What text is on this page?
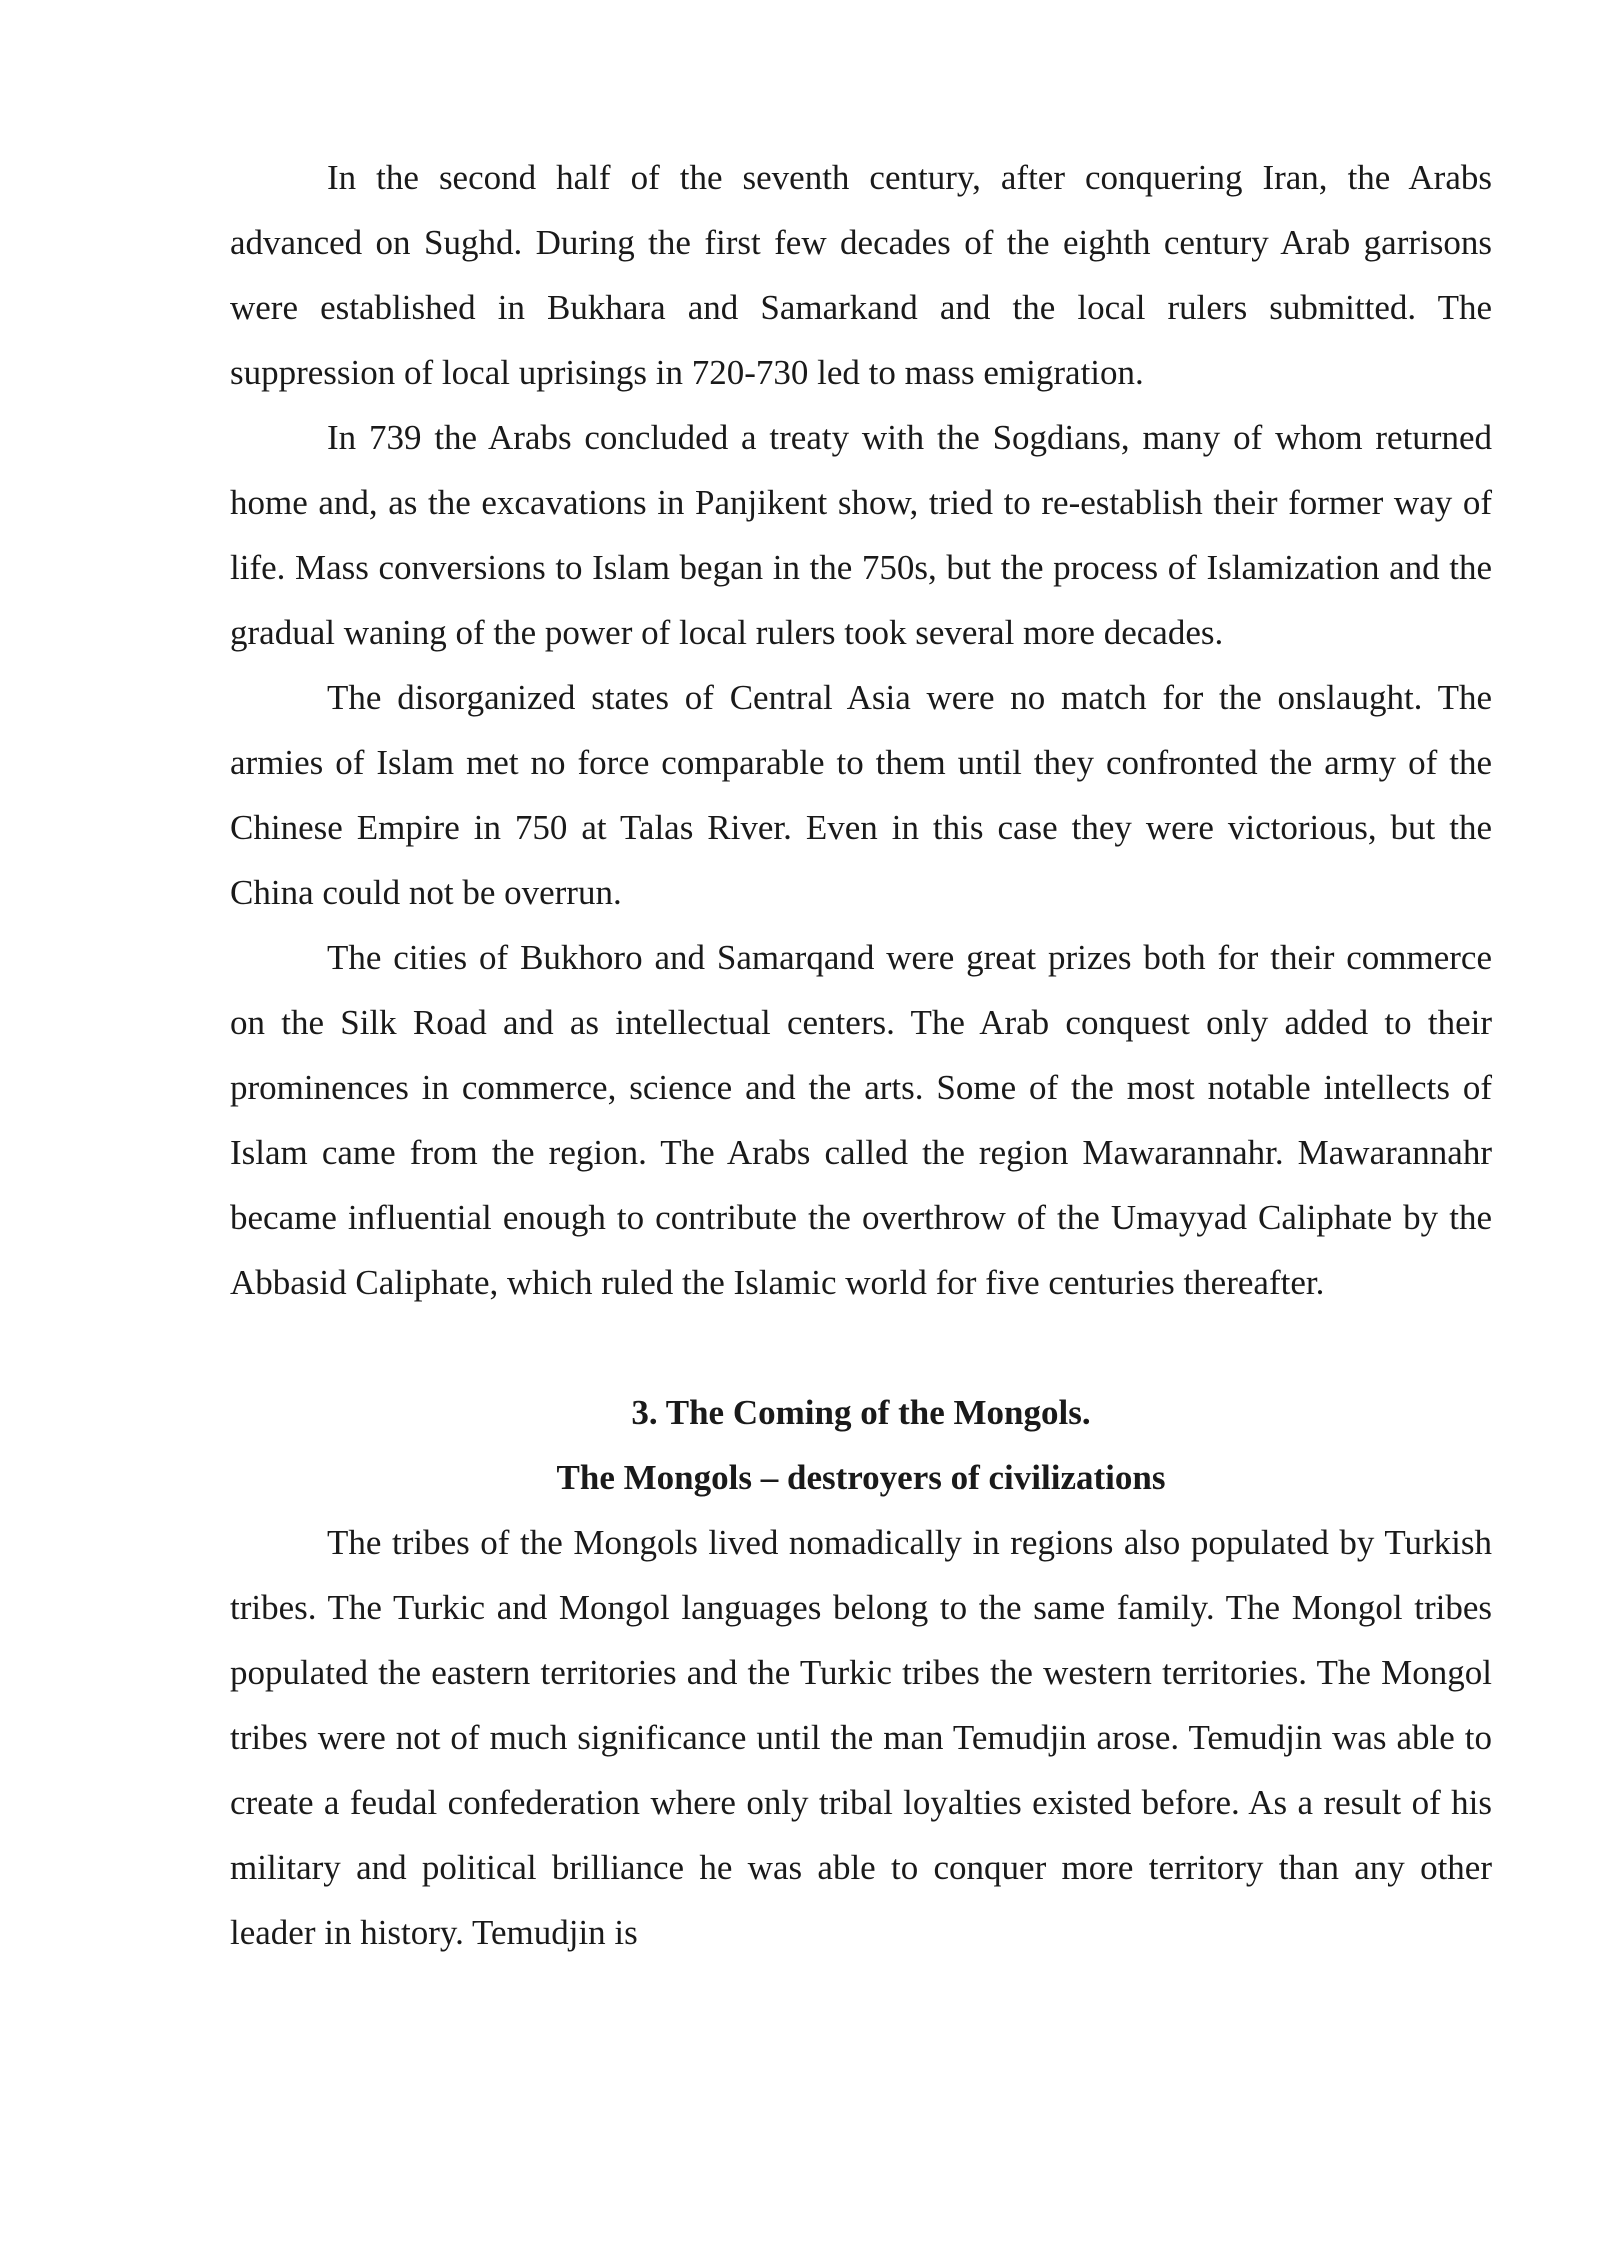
In the second half of the seventh century, after conquering Iran, the Arabs advanced on Sughd. During the first few decades of the eighth century Arab garrisons were established in Bukhara and Samarkand and the local rulers submitted. The suppression of local uprisings in 720-730 led to mass emigration.

In 739 the Arabs concluded a treaty with the Sogdians, many of whom returned home and, as the excavations in Panjikent show, tried to re-establish their former way of life. Mass conversions to Islam began in the 750s, but the process of Islamization and the gradual waning of the power of local rulers took several more decades.

The disorganized states of Central Asia were no match for the onslaught. The armies of Islam met no force comparable to them until they confronted the army of the Chinese Empire in 750 at Talas River. Even in this case they were victorious, but the China could not be overrun.

The cities of Bukhoro and Samarqand were great prizes both for their commerce on the Silk Road and as intellectual centers. The Arab conquest only added to their prominences in commerce, science and the arts. Some of the most notable intellects of Islam came from the region. The Arabs called the region Mawarannahr. Mawarannahr became influential enough to contribute the overthrow of the Umayyad Caliphate by the Abbasid Caliphate, which ruled the Islamic world for five centuries thereafter.

3. The Coming of the Mongols.

The Mongols – destroyers of civilizations

The tribes of the Mongols lived nomadically in regions also populated by Turkish tribes. The Turkic and Mongol languages belong to the same family. The Mongol tribes populated the eastern territories and the Turkic tribes the western territories. The Mongol tribes were not of much significance until the man Temudjin arose. Temudjin was able to create a feudal confederation where only tribal loyalties existed before. As a result of his military and political brilliance he was able to conquer more territory than any other leader in history. Temudjin is
